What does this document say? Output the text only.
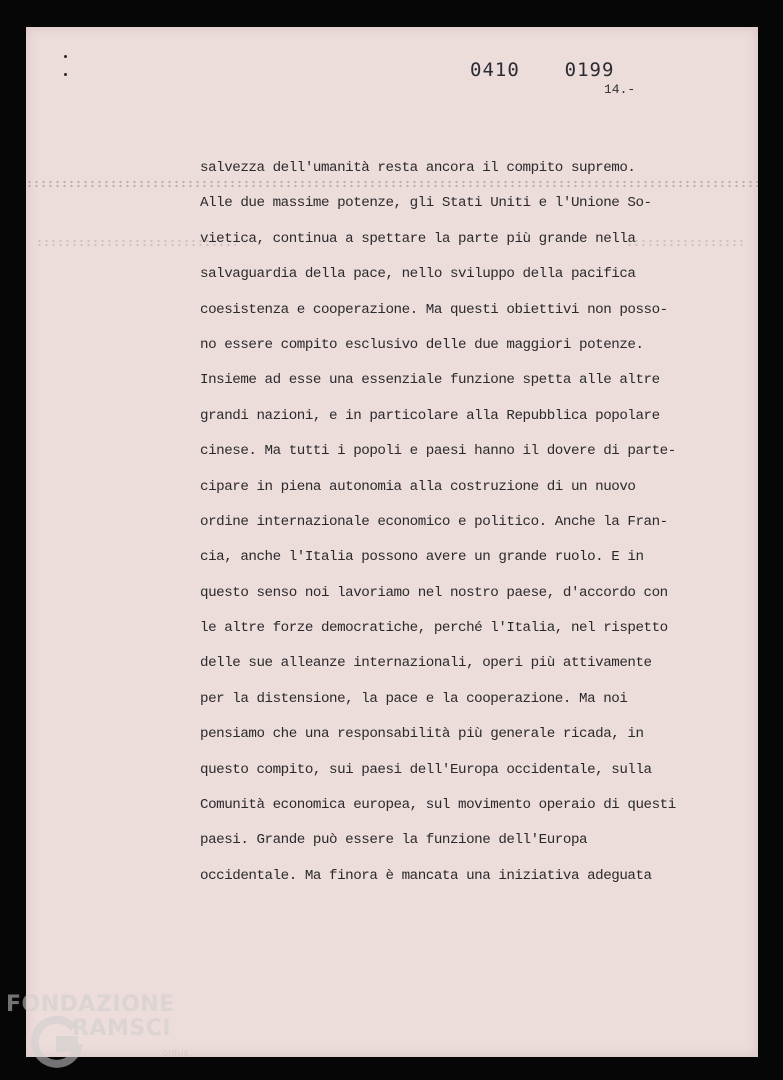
0410  0199
14.-
salvezza dell'umanità resta ancora il compito supremo.
Alle due massime potenze, gli Stati Uniti e l'Unione So-
vietica, continua a spettare la parte più grande nella
salvaguardia della pace, nello sviluppo della pacifica
coesistenza e cooperazione. Ma questi obiettivi non posso-
no essere compito esclusivo delle due maggiori potenze.
Insieme ad esse una essenziale funzione spetta alle altre
grandi nazioni, e in particolare alla Repubblica popolare
cinese. Ma tutti i popoli e paesi hanno il dovere di parte-
cipare in piena autonomia alla costruzione di un nuovo
ordine internazionale economico e politico. Anche la Fran-
cia, anche l'Italia possono avere un grande ruolo. E in
questo senso noi lavoriamo nel nostro paese, d'accordo con
le altre forze democratiche, perché l'Italia, nel rispetto
delle sue alleanze internazionali, operi più attivamente
per la distensione, la pace e la cooperazione. Ma noi
pensiamo che una responsabilità più generale ricada, in
questo compito, sui paesi dell'Europa occidentale, sulla
Comunità economica europea, sul movimento operaio di questi
paesi. Grande può essere la funzione dell'Europa
occidentale. Ma finora è mancata una iniziativa adeguata
FONDAZIONE
RAMSCI
onlus
